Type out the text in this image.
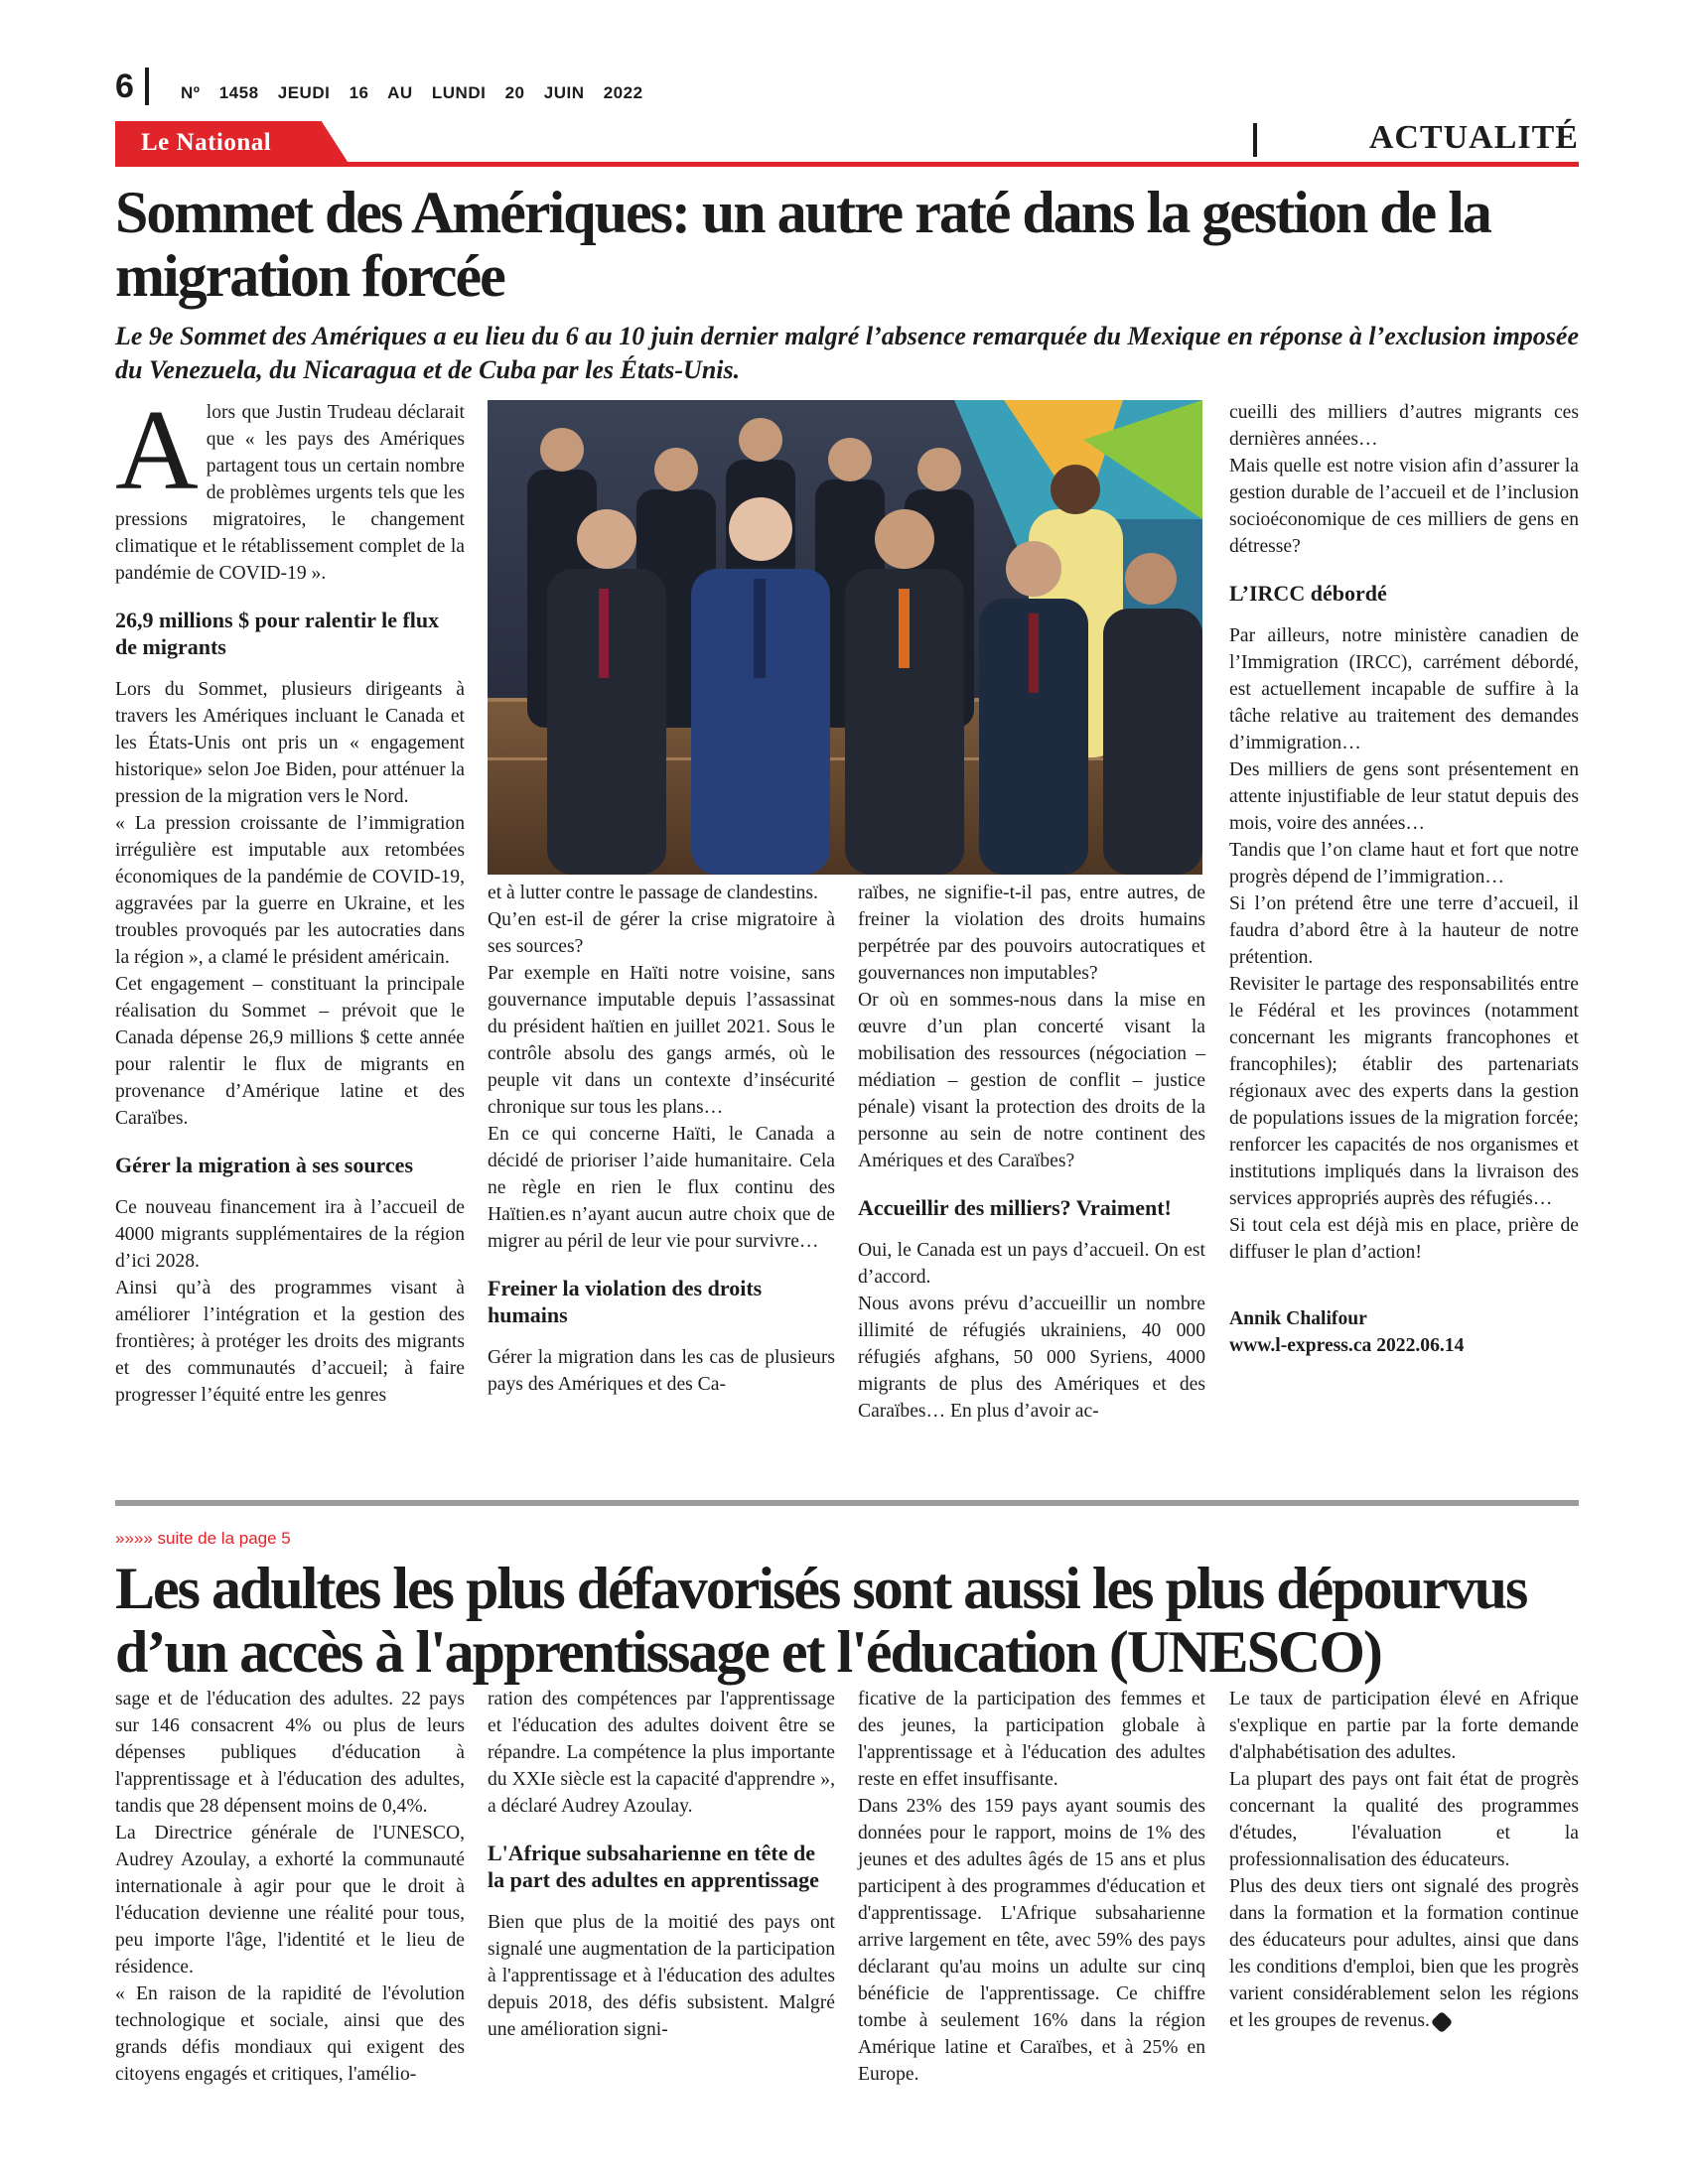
6	Nº 1458 JEUDI 16 AU LUNDI 20 JUIN 2022
Le National	ACTUALITÉ
Sommet des Amériques: un autre raté dans la gestion de la migration forcée

Le 9e Sommet des Amériques a eu lieu du 6 au 10 juin dernier malgré l’absence remarquée du Mexique en réponse à l’exclusion imposée du Venezuela, du Nicaragua et de Cuba par les États-Unis.

Alors que Justin Trudeau déclarait que « les pays des Amériques partagent tous un certain nombre de problèmes urgents tels que les pressions migratoires, le changement climatique et le rétablissement complet de la pandémie de COVID-19 ».

26,9 millions $ pour ralentir le flux de migrants

Lors du Sommet, plusieurs dirigeants à travers les Amériques incluant le Canada et les États-Unis ont pris un « engagement historique» selon Joe Biden, pour atténuer la pression de la migration vers le Nord.

« La pression croissante de l’immigration irrégulière est imputable aux retombées économiques de la pandémie de COVID-19, aggravées par la guerre en Ukraine, et les troubles provoqués par les autocraties dans la région », a clamé le président américain.

Cet engagement – constituant la principale réalisation du Sommet – prévoit que le Canada dépense 26,9 millions $ cette année pour ralentir le flux de migrants en provenance d’Amérique latine et des Caraïbes.

Gérer la migration à ses sources

Ce nouveau financement ira à l’accueil de 4000 migrants supplémentaires de la région d’ici 2028.

Ainsi qu’à des programmes visant à améliorer l’intégration et la gestion des frontières; à protéger les droits des migrants et des communautés d’accueil; à faire progresser l’équité entre les genres

et à lutter contre le passage de clandestins.

Qu’en est-il de gérer la crise migratoire à ses sources?

Par exemple en Haïti notre voisine, sans gouvernance imputable depuis l’assassinat du président haïtien en juillet 2021. Sous le contrôle absolu des gangs armés, où le peuple vit dans un contexte d’insécurité chronique sur tous les plans…

En ce qui concerne Haïti, le Canada a décidé de prioriser l’aide humanitaire. Cela ne règle en rien le flux continu des Haïtien.es n’ayant aucun autre choix que de migrer au péril de leur vie pour survivre…

Freiner la violation des droits humains

Gérer la migration dans les cas de plusieurs pays des Amériques et des Ca-

raïbes, ne signifie-t-il pas, entre autres, de freiner la violation des droits humains perpétrée par des pouvoirs autocratiques et gouvernances non imputables?

Or où en sommes-nous dans la mise en œuvre d’un plan concerté visant la mobilisation des ressources (négociation – médiation – gestion de conflit – justice pénale) visant la protection des droits de la personne au sein de notre continent des Amériques et des Caraïbes?

Accueillir des milliers? Vraiment!

Oui, le Canada est un pays d’accueil. On est d’accord.

Nous avons prévu d’accueillir un nombre illimité de réfugiés ukrainiens, 40 000 réfugiés afghans, 50 000 Syriens, 4000 migrants de plus des Amériques et des Caraïbes… En plus d’avoir ac-

cueilli des milliers d’autres migrants ces dernières années…

Mais quelle est notre vision afin d’assurer la gestion durable de l’accueil et de l’inclusion socioéconomique de ces milliers de gens en détresse?

L’IRCC débordé

Par ailleurs, notre ministère canadien de l’Immigration (IRCC), carrément débordé, est actuellement incapable de suffire à la tâche relative au traitement des demandes d’immigration…

Des milliers de gens sont présentement en attente injustifiable de leur statut depuis des mois, voire des années…

Tandis que l’on clame haut et fort que notre progrès dépend de l’immigration…

Si l’on prétend être une terre d’accueil, il faudra d’abord être à la hauteur de notre prétention.

Revisiter le partage des responsabilités entre le Fédéral et les provinces (notamment concernant les migrants francophones et francophiles); établir des partenariats régionaux avec des experts dans la gestion de populations issues de la migration forcée; renforcer les capacités de nos organismes et institutions impliqués dans la livraison des services appropriés auprès des réfugiés…

Si tout cela est déjà mis en place, prière de diffuser le plan d’action!

Annik Chalifour

www.l-express.ca 2022.06.14

»»»» suite de la page 5
Les adultes les plus défavorisés sont aussi les plus dépourvus d’un accès à l'apprentissage et l'éducation (UNESCO)

sage et de l'éducation des adultes. 22 pays sur 146 consacrent 4% ou plus de leurs dépenses publiques d'éducation à l'apprentissage et à l'éducation des adultes, tandis que 28 dépensent moins de 0,4%.

La Directrice générale de l'UNESCO, Audrey Azoulay, a exhorté la communauté internationale à agir pour que le droit à l'éducation devienne une réalité pour tous, peu importe l'âge, l'identité et le lieu de résidence.

« En raison de la rapidité de l'évolution technologique et sociale, ainsi que des grands défis mondiaux qui exigent des citoyens engagés et critiques, l'amélio-

ration des compétences par l'apprentissage et l'éducation des adultes doivent être se répandre. La compétence la plus importante du XXIe siècle est la capacité d'apprendre », a déclaré Audrey Azoulay.

L'Afrique subsaharienne en tête de la part des adultes en apprentissage

Bien que plus de la moitié des pays ont signalé une augmentation de la participation à l'apprentissage et à l'éducation des adultes depuis 2018, des défis subsistent. Malgré une amélioration signi-

ficative de la participation des femmes et des jeunes, la participation globale à l'apprentissage et à l'éducation des adultes reste en effet insuffisante.

Dans 23% des 159 pays ayant soumis des données pour le rapport, moins de 1% des jeunes et des adultes âgés de 15 ans et plus participent à des programmes d'éducation et d'apprentissage. L'Afrique subsaharienne arrive largement en tête, avec 59% des pays déclarant qu'au moins un adulte sur cinq bénéficie de l'apprentissage. Ce chiffre tombe à seulement 16% dans la région Amérique latine et Caraïbes, et à 25% en Europe.

Le taux de participation élevé en Afrique s'explique en partie par la forte demande d'alphabétisation des adultes.

La plupart des pays ont fait état de progrès concernant la qualité des programmes d'études, l'évaluation et la professionnalisation des éducateurs.

Plus des deux tiers ont signalé des progrès dans la formation et la formation continue des éducateurs pour adultes, ainsi que dans les conditions d'emploi, bien que les progrès varient considérablement selon les régions et les groupes de revenus.
